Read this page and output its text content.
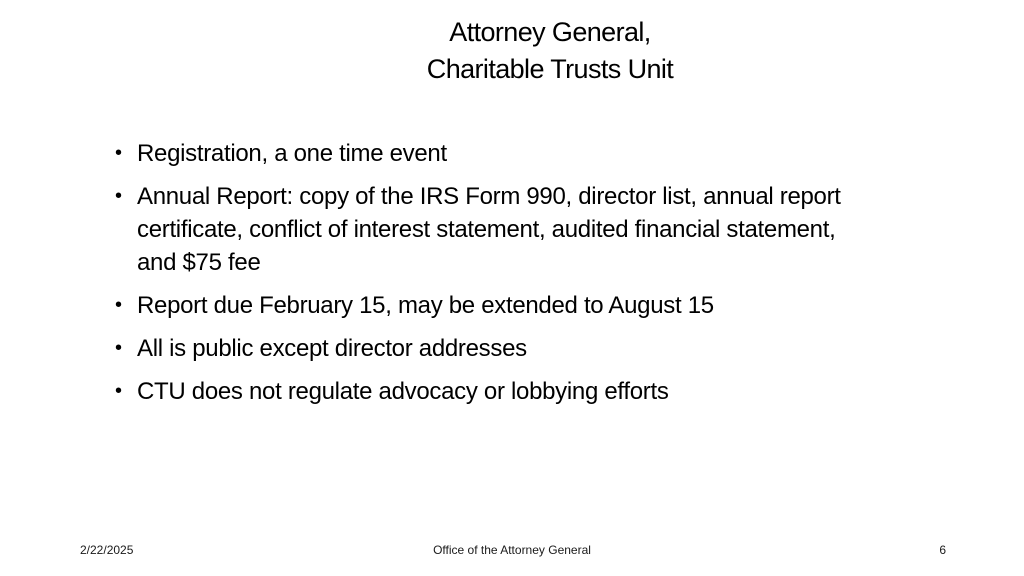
Attorney General,
Charitable Trusts Unit
• Registration, a one time event
• Annual Report: copy of the IRS Form 990, director list, annual report certificate, conflict of interest statement, audited financial statement, and $75 fee
• Report due February 15, may be extended to August 15
• All is public except director addresses
• CTU does not regulate advocacy or lobbying efforts
2/22/2025	Office of the Attorney General	6
